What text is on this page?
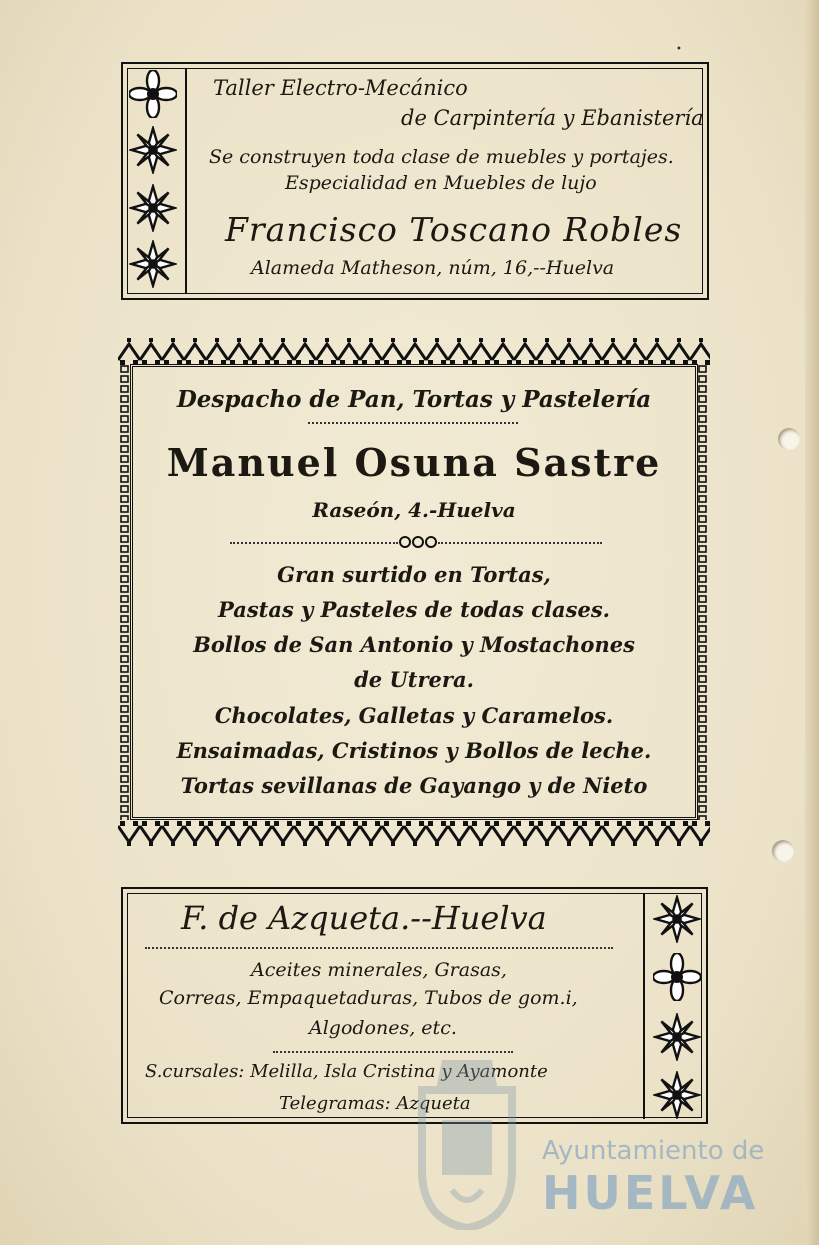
•
Taller Electro-Mecánico
de Carpintería y Ebanistería
Se construyen toda clase de muebles y portajes.
Especialidad en Muebles de lujo
Francisco Toscano Robles
Alameda Matheson, núm, 16,--Huelva
Despacho de Pan, Tortas y Pastelería
Manuel Osuna Sastre
Raseón, 4.-Huelva
Gran surtido en Tortas,
Pastas y Pasteles de todas clases.
Bollos de San Antonio y Mostachones
de Utrera.
Chocolates, Galletas y Caramelos.
Ensaimadas, Cristinos y Bollos de leche.
Tortas sevillanas de Gayango y de Nieto
F. de Azqueta.--Huelva
Aceites minerales, Grasas,
Correas, Empaquetaduras, Tubos de gom.i,
Algodones, etc.
S.cursales: Melilla, Isla Cristina y Ayamonte
Telegramas: Azqueta
Ayuntamiento de
HUELVA
